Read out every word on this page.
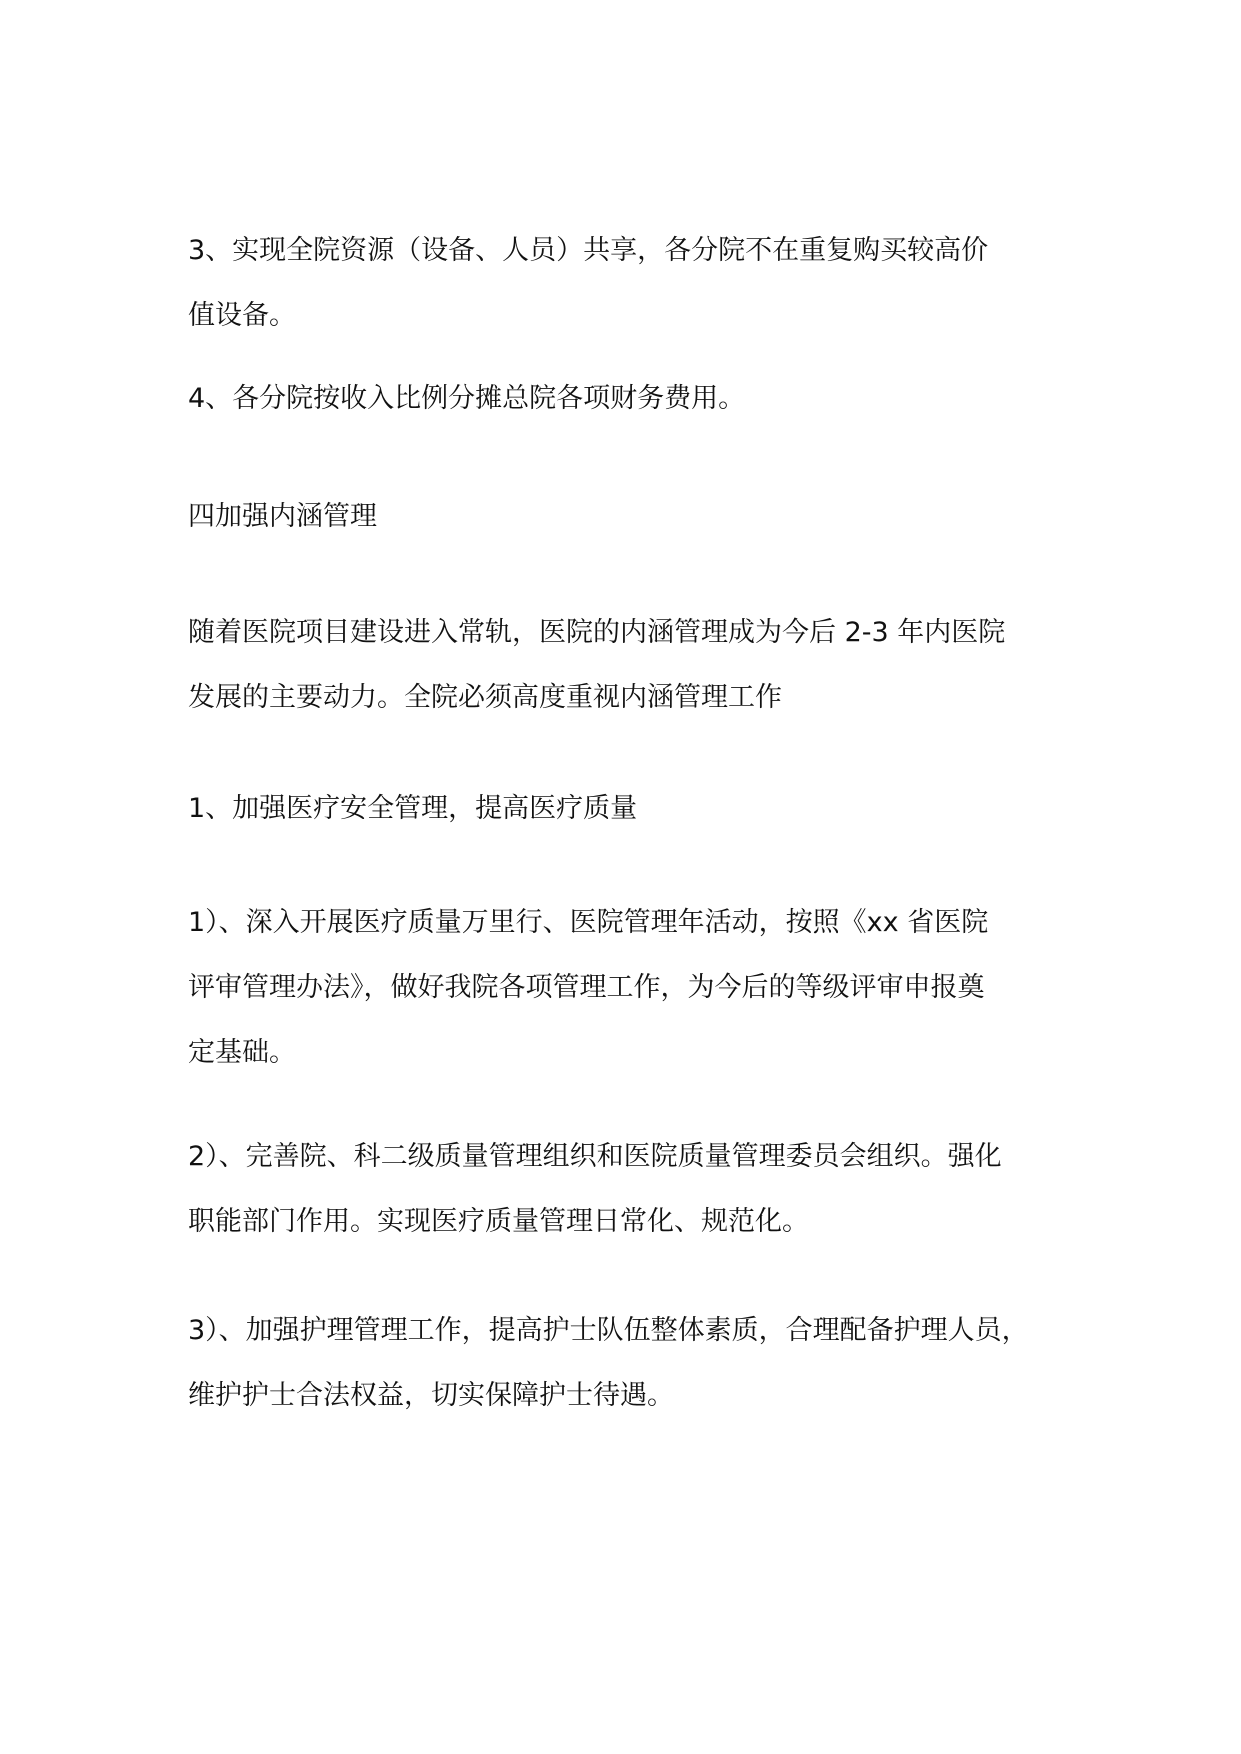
3、实现全院资源（设备、人员）共享，各分院不在重复购买较高价
值设备。

4、各分院按收入比例分摊总院各项财务费用。

四加强内涵管理

随着医院项目建设进入常轨，医院的内涵管理成为今后 2-3 年内医院
发展的主要动力。全院必须高度重视内涵管理工作

1、加强医疗安全管理，提高医疗质量

1）、深入开展医疗质量万里行、医院管理年活动，按照《xx 省医院
评审管理办法》，做好我院各项管理工作，为今后的等级评审申报奠
定基础。

2）、完善院、科二级质量管理组织和医院质量管理委员会组织。强化
职能部门作用。实现医疗质量管理日常化、规范化。

3）、加强护理管理工作，提高护士队伍整体素质，合理配备护理人员，
维护护士合法权益，切实保障护士待遇。
